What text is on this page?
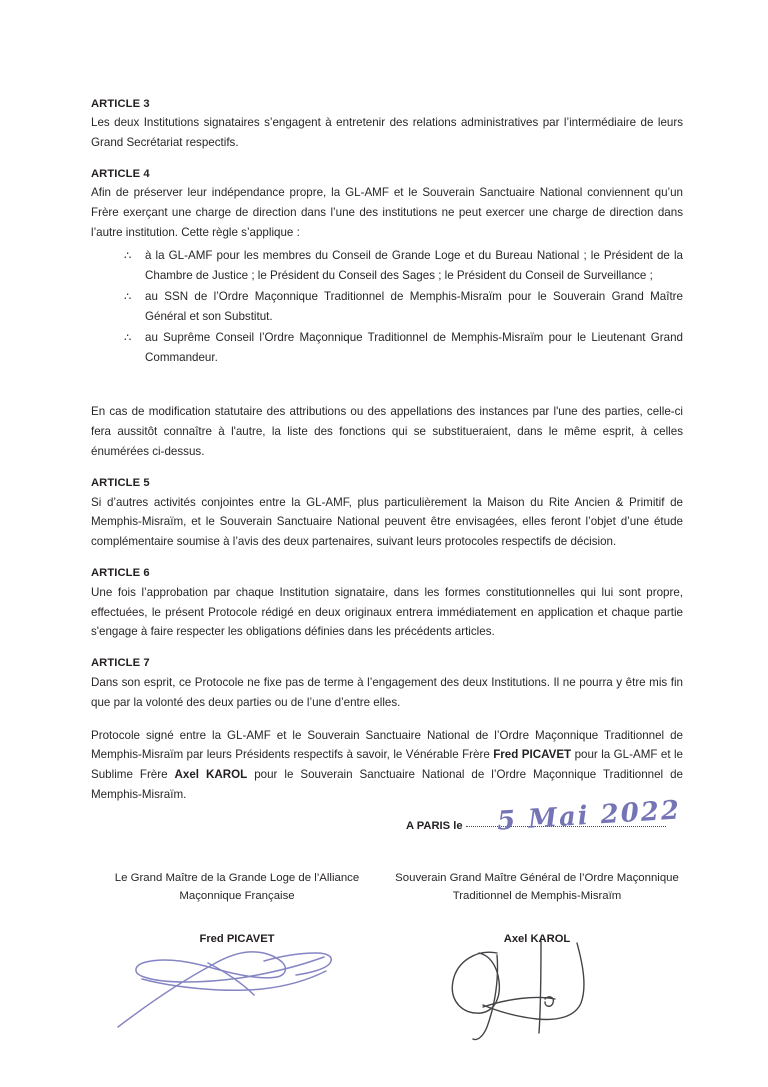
ARTICLE 3

Les deux Institutions signataires s’engagent à entretenir des relations administratives par l’intermédiaire de leurs Grand Secrétariat respectifs.

ARTICLE 4

Afin de préserver leur indépendance propre, la GL-AMF et le Souverain Sanctuaire National conviennent qu’un Frère exerçant une charge de direction dans l’une des institutions ne peut exercer une charge de direction dans l’autre institution. Cette règle s’applique :

∴ à la GL-AMF pour les membres du Conseil de Grande Loge et du Bureau National ; le Président de la Chambre de Justice ; le Président du Conseil des Sages ; le Président du Conseil de Surveillance ;
∴ au SSN de l’Ordre Maçonnique Traditionnel de Memphis-Misraïm pour le Souverain Grand Maître Général et son Substitut.
∴ au Suprême Conseil l’Ordre Maçonnique Traditionnel de Memphis-Misraïm pour le Lieutenant Grand Commandeur.

En cas de modification statutaire des attributions ou des appellations des instances par l'une des parties, celle-ci fera aussitôt connaître à l'autre, la liste des fonctions qui se substitueraient, dans le même esprit, à celles énumérées ci-dessus.

ARTICLE 5

Si d’autres activités conjointes entre la GL-AMF, plus particulièrement la Maison du Rite Ancien & Primitif de Memphis-Misraïm, et le Souverain Sanctuaire National peuvent être envisagées, elles feront l’objet d’une étude complémentaire soumise à l’avis des deux partenaires, suivant leurs protocoles respectifs de décision.

ARTICLE 6

Une fois l’approbation par chaque Institution signataire, dans les formes constitutionnelles qui lui sont propre, effectuées, le présent Protocole rédigé en deux originaux entrera immédiatement en application et chaque partie s'engage à faire respecter les obligations définies dans les précédents articles.

ARTICLE 7

Dans son esprit, ce Protocole ne fixe pas de terme à l’engagement des deux Institutions. Il ne pourra y être mis fin que par la volonté des deux parties ou de l’une d’entre elles.

Protocole signé entre la GL-AMF et le Souverain Sanctuaire National de l’Ordre Maçonnique Traditionnel de Memphis-Misraïm par leurs Présidents respectifs à savoir, le Vénérable Frère Fred PICAVET pour la GL-AMF et le Sublime Frère Axel KAROL pour le Souverain Sanctuaire National de l’Ordre Maçonnique Traditionnel de Memphis-Misraïm.

A PARIS le 5 Mai 2022
Le Grand Maître de la Grande Loge de l’Alliance Maçonnique Française
Fred PICAVET
Souverain Grand Maître Général de l’Ordre Maçonnique Traditionnel de Memphis-Misraïm
Axel KAROL
